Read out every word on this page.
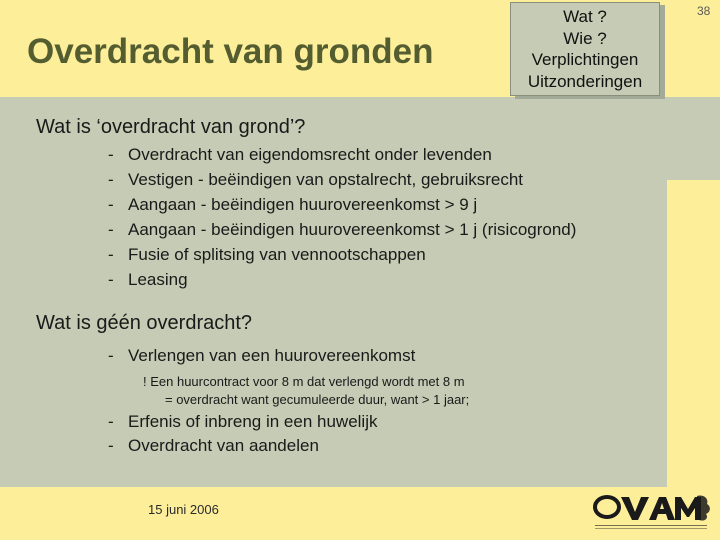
Overdracht van gronden
Wat ?
Wie ?
Verplichtingen
Uitzonderingen
38
Wat is ‘overdracht van grond’?
- Overdracht van eigendomsrecht onder levenden
- Vestigen - beëindigen van opstalrecht, gebruiksrecht
- Aangaan - beëindigen huurovereenkomst > 9 j
- Aangaan - beëindigen huurovereenkomst > 1 j (risicogrond)
- Fusie of splitsing van vennootschappen
- Leasing
Wat is géén overdracht?
- Verlengen van een huurovereenkomst
! Een huurcontract voor 8 m dat verlengd wordt met 8 m
= overdracht want gecumuleerde duur, want > 1 jaar;
- Erfenis of inbreng in een huwelijk
- Overdracht van aandelen
15 juni 2006
